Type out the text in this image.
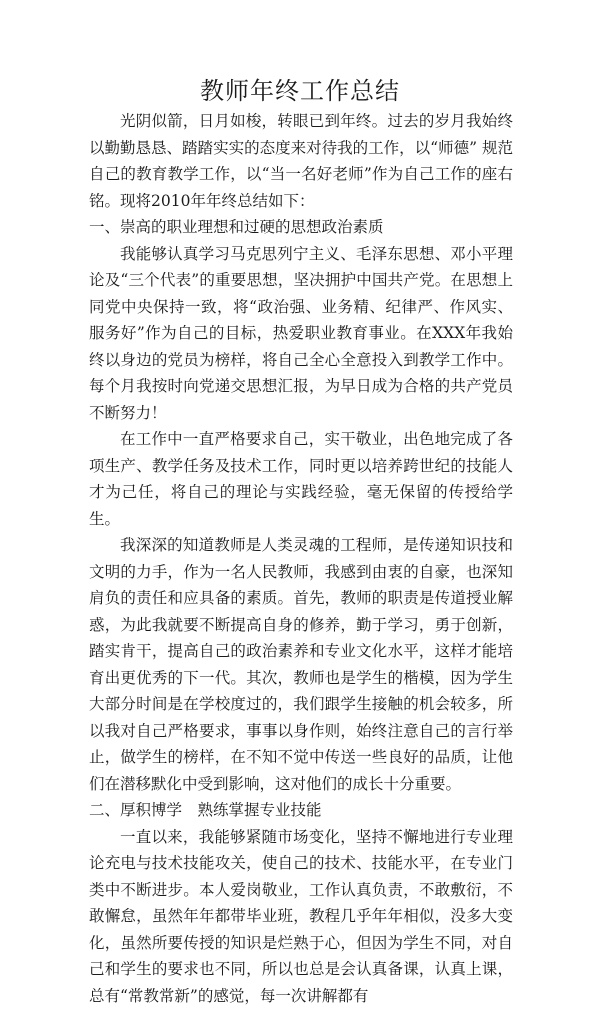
教师年终工作总结

光阴似箭，日月如梭，转眼已到年终。过去的岁月我始终以勤勤恳恳、踏踏实实的态度来对待我的工作，以“师德” 规范自己的教育教学工作，以“当一名好老师”作为自己工作的座右铭。现将2010年年终总结如下：

一、崇高的职业理想和过硬的思想政治素质

我能够认真学习马克思列宁主义、毛泽东思想、邓小平理论及“三个代表”的重要思想，坚决拥护中国共产党。在思想上同党中央保持一致，将“政治强、业务精、纪律严、作风实、服务好”作为自己的目标，热爱职业教育事业。在XXX年我始终以身边的党员为榜样，将自己全心全意投入到教学工作中。每个月我按时向党递交思想汇报，为早日成为合格的共产党员不断努力！

在工作中一直严格要求自己，实干敬业，出色地完成了各项生产、教学任务及技术工作，同时更以培养跨世纪的技能人才为己任，将自己的理论与实践经验，毫无保留的传授给学生。

我深深的知道教师是人类灵魂的工程师，是传递知识技和文明的力手，作为一名人民教师，我感到由衷的自豪，也深知肩负的责任和应具备的素质。首先，教师的职责是传道授业解惑，为此我就要不断提高自身的修养，勤于学习，勇于创新，踏实肯干，提高自己的政治素养和专业文化水平，这样才能培育出更优秀的下一代。其次，教师也是学生的楷模，因为学生大部分时间是在学校度过的，我们跟学生接触的机会较多，所以我对自己严格要求，事事以身作则，始终注意自己的言行举止，做学生的榜样，在不知不觉中传送一些良好的品质，让他们在潜移默化中受到影响，这对他们的成长十分重要。

二、厚积博学　熟练掌握专业技能

一直以来，我能够紧随市场变化，坚持不懈地进行专业理论充电与技术技能攻关，使自己的技术、技能水平，在专业门类中不断进步。本人爱岗敬业，工作认真负责，不敢敷衍，不敢懈怠，虽然年年都带毕业班，教程几乎年年相似，没多大变化，虽然所要传授的知识是烂熟于心，但因为学生不同，对自己和学生的要求也不同，所以也总是会认真备课，认真上课，总有“常教常新”的感觉，每一次讲解都有
